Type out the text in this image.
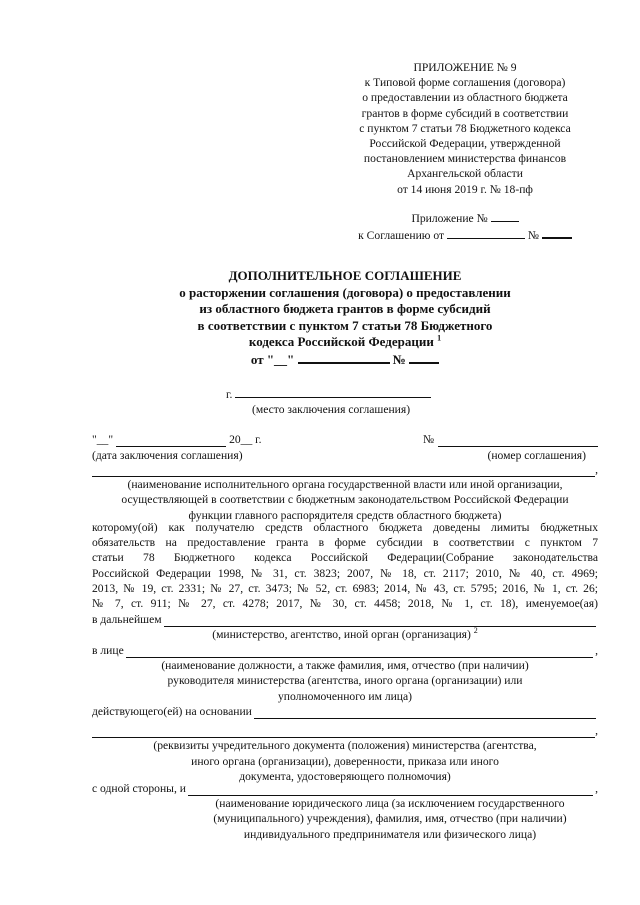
ПРИЛОЖЕНИЕ № 9
к Типовой форме соглашения (договора)
о предоставлении из областного бюджета
грантов в форме субсидий в соответствии
с пунктом 7 статьи 78 Бюджетного кодекса
Российской Федерации, утвержденной
постановлением министерства финансов
Архангельской области
от 14 июня 2019 г. № 18-пф
Приложение №
к Соглашению от	№
ДОПОЛНИТЕЛЬНОЕ СОГЛАШЕНИЕ
о расторжении соглашения (договора) о предоставлении
из областного бюджета грантов в форме субсидий
в соответствии с пунктом 7 статьи 78 Бюджетного
кодекса Российской Федерации $^1$
от "__"	№
г.
(место заключения соглашения)
"__"	20__ г.	№
(дата заключения соглашения)	(номер соглашения)
,
(наименование исполнительного органа государственной власти или иной организации,
осуществляющей в соответствии с бюджетным законодательством Российской Федерации
функции главного распорядителя средств областного бюджета)
которому(ой) как получателю средств областного бюджета доведены лимиты бюджетных
обязательств на предоставление гранта в форме субсидии в соответствии с пунктом 7
статьи 78 Бюджетного кодекса Российской Федерации(Собрание законодательства
Российской Федерации 1998, № 31, ст. 3823; 2007, № 18, ст. 2117; 2010, № 40, ст. 4969;
2013, № 19, ст. 2331; № 27, ст. 3473; № 52, ст. 6983; 2014, № 43, ст. 5795; 2016, № 1, ст. 26;
№ 7, ст. 911; № 27, ст. 4278; 2017, № 30, ст. 4458; 2018, № 1, ст. 18), именуемое(ая)
в дальнейшем
(министерство, агентство, иной орган (организация) $^2$
в лице	,
(наименование должности, а также фамилия, имя, отчество (при наличии)
руководителя министерства (агентства, иного органа (организации) или
уполномоченного им лица)
действующего(ей) на основании
,
(реквизиты учредительного документа (положения) министерства (агентства,
иного органа (организации), доверенности, приказа или иного
документа, удостоверяющего полномочия)
с одной стороны, и	,
(наименование юридического лица (за исключением государственного
(муниципального) учреждения), фамилия, имя, отчество (при наличии)
индивидуального предпринимателя или физического лица)
